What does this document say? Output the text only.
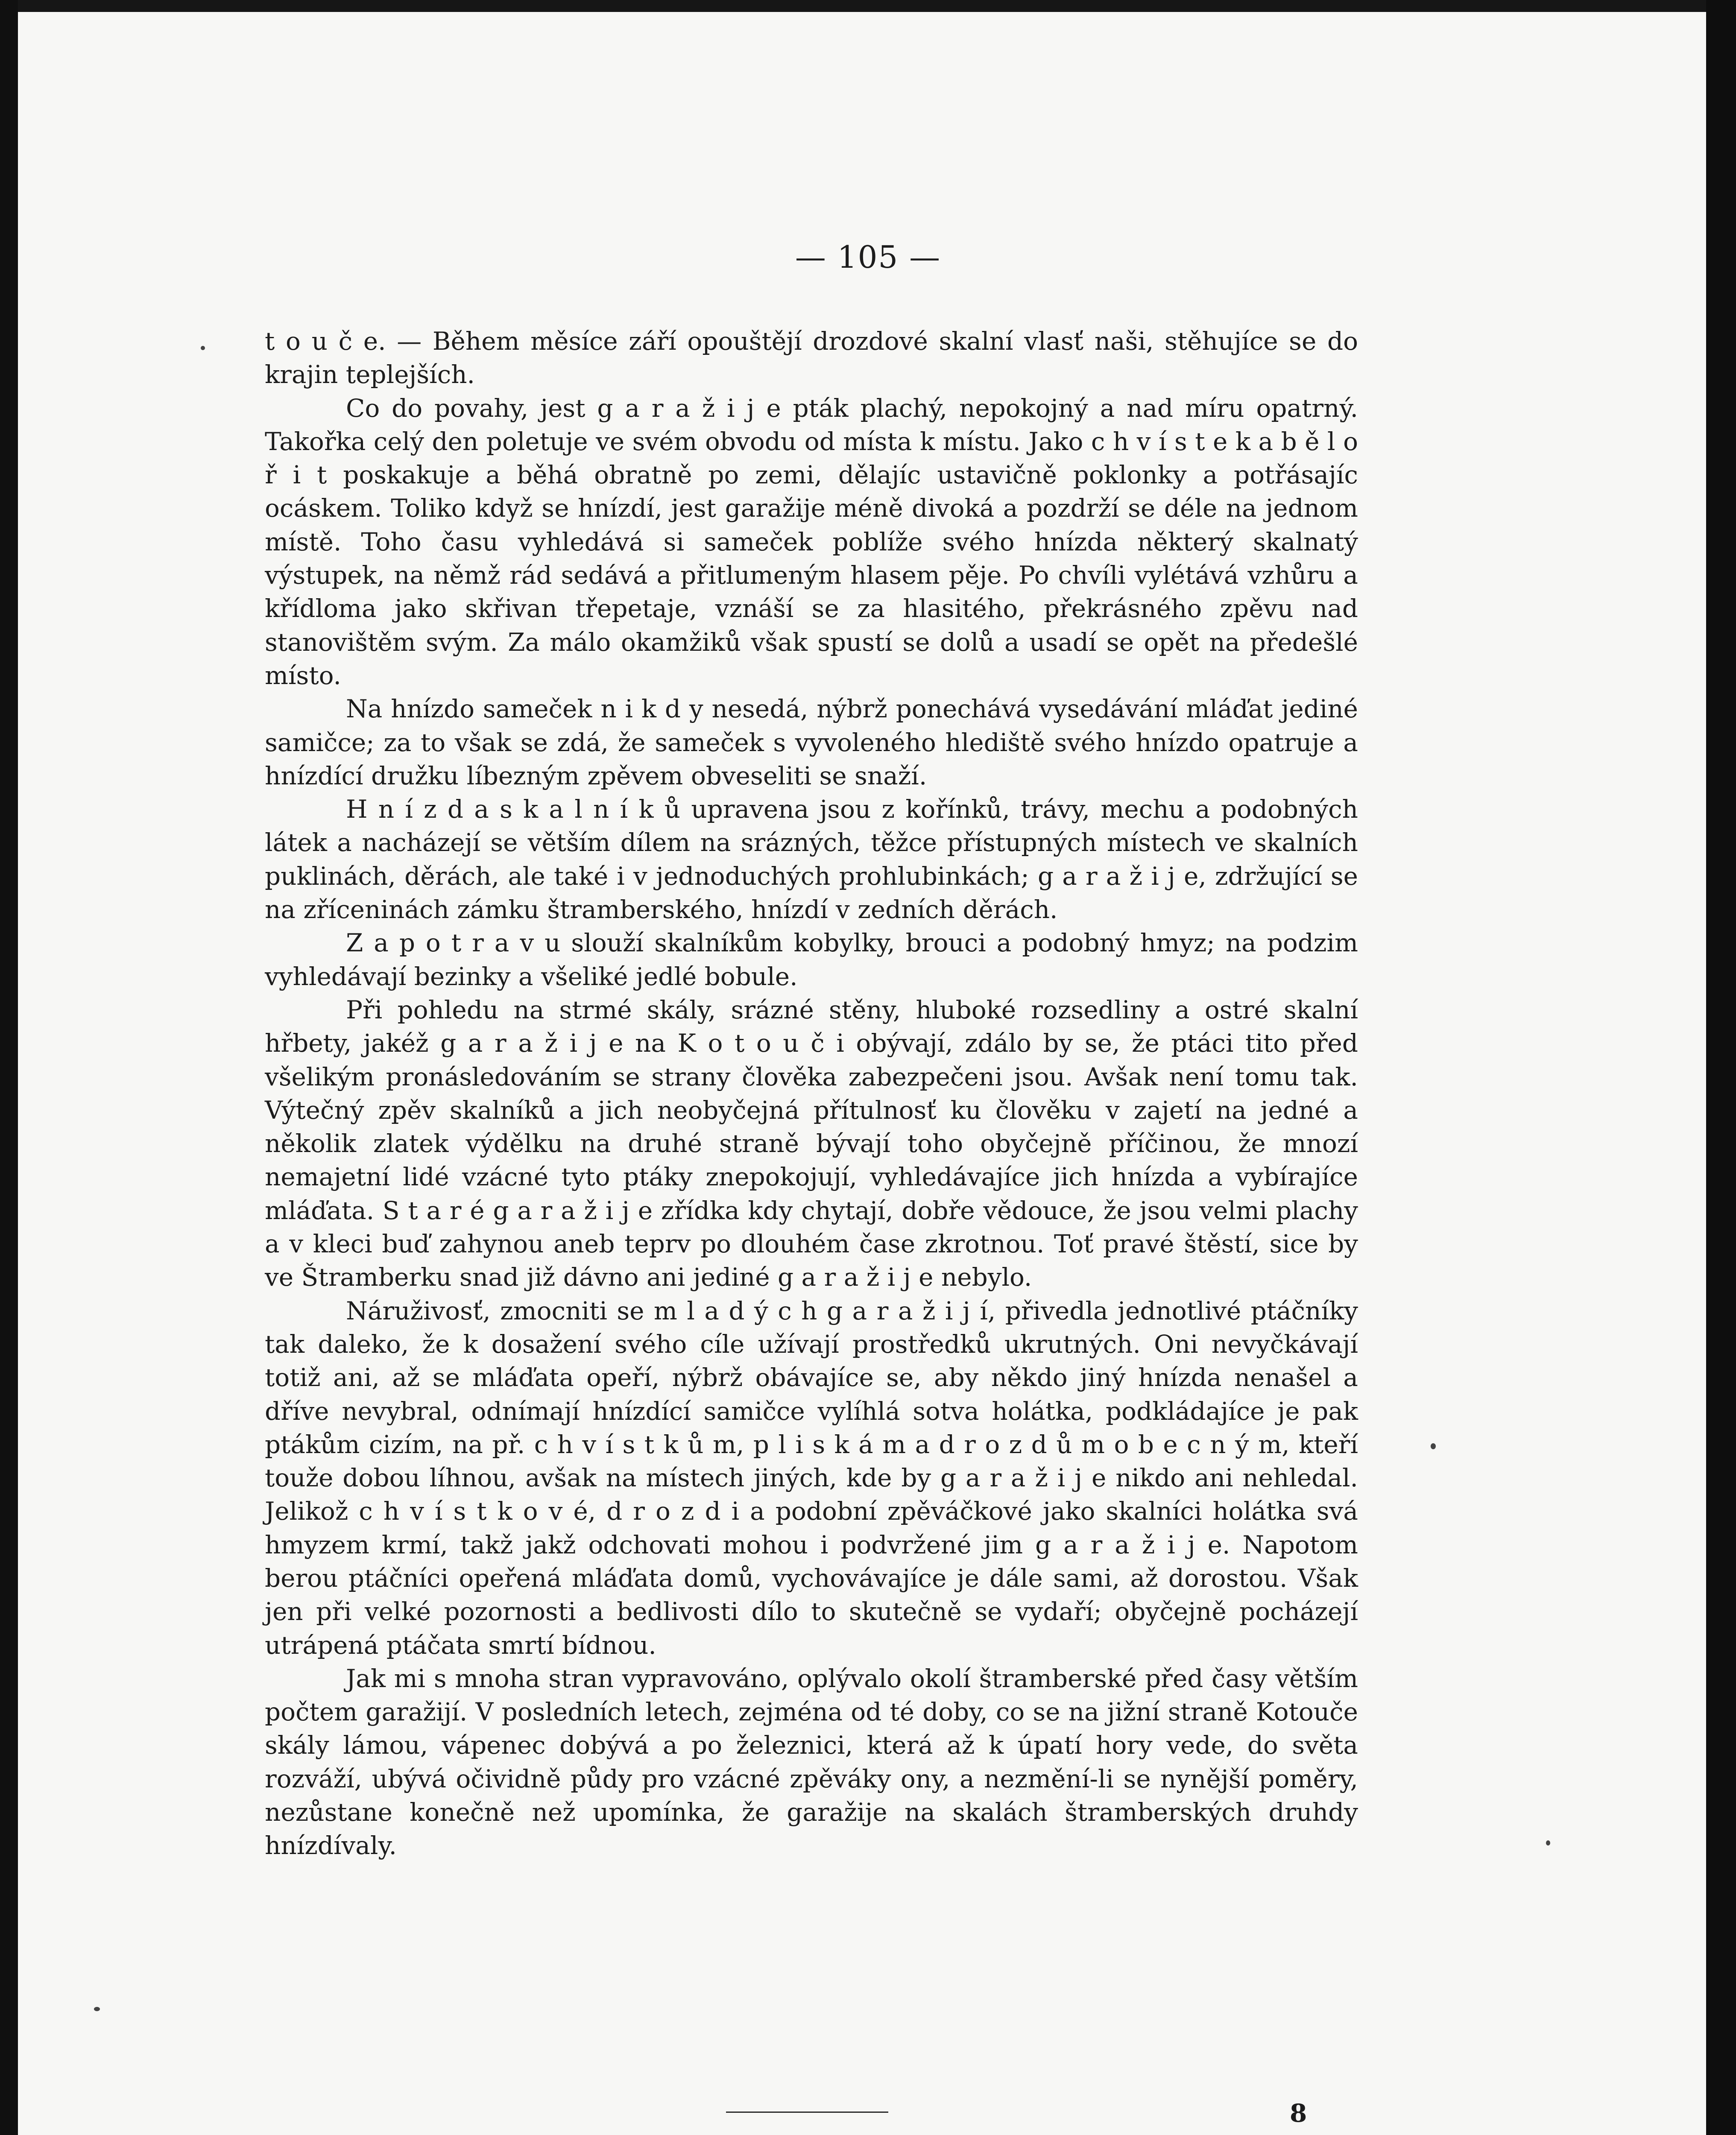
— 105 —

t o u č e. — Během měsíce září opouštějí drozdové skalní vlasť naši, stěhujíce se do krajin teplejších.

Co do povahy, jest g a r a ž i j e pták plachý, nepokojný a nad míru opatrný. Takořka celý den poletuje ve svém obvodu od místa k místu. Jako c h v í s t e k a b ě l o ř i t poskakuje a běhá obratně po zemi, dělajíc ustavičně poklonky a potřásajíc ocáskem. Toliko když se hnízdí, jest garažije méně divoká a pozdrží se déle na jednom místě. Toho času vyhledává si sameček poblíže svého hnízda některý skalnatý výstupek, na němž rád sedává a přitlumeným hlasem pěje. Po chvíli vylétává vzhůru a křídloma jako skřivan třepetaje, vznáší se za hlasitého, překrásného zpěvu nad stanovištěm svým. Za málo okamžiků však spustí se dolů a usadí se opět na předešlé místo.

Na hnízdo sameček n i k d y nesedá, nýbrž ponechává vysedávání mláďat jediné samičce; za to však se zdá, že sameček s vyvoleného hlediště svého hnízdo opatruje a hnízdící družku líbezným zpěvem obveseliti se snaží.

H n í z d a s k a l n í k ů upravena jsou z kořínků, trávy, mechu a podobných látek a nacházejí se větším dílem na srázných, těžce přístupných místech ve skalních puklinách, děrách, ale také i v jednoduchých prohlubinkách; g a r a ž i j e, zdržující se na zříceninách zámku štramberského, hnízdí v zedních děrách.

Z a p o t r a v u slouží skalníkům kobylky, brouci a podobný hmyz; na podzim vyhledávají bezinky a všeliké jedlé bobule.

Při pohledu na strmé skály, srázné stěny, hluboké rozsedliny a ostré skalní hřbety, jakéž g a r a ž i j e na K o t o u č i obývají, zdálo by se, že ptáci tito před všelikým pronásledováním se strany člověka zabezpečeni jsou. Avšak není tomu tak. Výtečný zpěv skalníků a jich neobyčejná přítulnosť ku člověku v zajetí na jedné a několik zlatek výdělku na druhé straně bývají toho obyčejně příčinou, že mnozí nemajetní lidé vzácné tyto ptáky znepokojují, vyhledávajíce jich hnízda a vybírajíce mláďata. S t a r é g a r a ž i j e zřídka kdy chytají, dobře vědouce, že jsou velmi plachy a v kleci buď zahynou aneb teprv po dlouhém čase zkrotnou. Toť pravé štěstí, sice by ve Štramberku snad již dávno ani jediné g a r a ž i j e nebylo.

Náruživosť, zmocniti se m l a d ý c h g a r a ž i j í, přivedla jednotlivé ptáčníky tak daleko, že k dosažení svého cíle užívají prostředků ukrutných. Oni nevyčkávají totiž ani, až se mláďata opeří, nýbrž obávajíce se, aby někdo jiný hnízda nenašel a dříve nevybral, odnímají hnízdící samičce vylíhlá sotva holátka, podkládajíce je pak ptákům cizím, na př. c h v í s t k ů m, p l i s k á m a d r o z d ů m o b e c n ý m, kteří touže dobou líhnou, avšak na místech jiných, kde by g a r a ž i j e nikdo ani nehledal. Jelikož c h v í s t k o v é, d r o z d i a podobní zpěváčkové jako skalníci holátka svá hmyzem krmí, takž jakž odchovati mohou i podvržené jim g a r a ž i j e. Napotom berou ptáčníci opeřená mláďata domů, vychovávajíce je dále sami, až dorostou. Však jen při velké pozornosti a bedlivosti dílo to skutečně se vydaří; obyčejně pocházejí utrápená ptáčata smrtí bídnou.

Jak mi s mnoha stran vypravováno, oplývalo okolí štramberské před časy větším počtem garažijí. V posledních letech, zejména od té doby, co se na jižní straně Kotouče skály lámou, vápenec dobývá a po železnici, která až k úpatí hory vede, do světa rozváží, ubývá očividně půdy pro vzácné zpěváky ony, a nezmění-li se nynější poměry, nezůstane konečně než upomínka, že garažije na skalách štramberských druhdy hnízdívaly.

8
